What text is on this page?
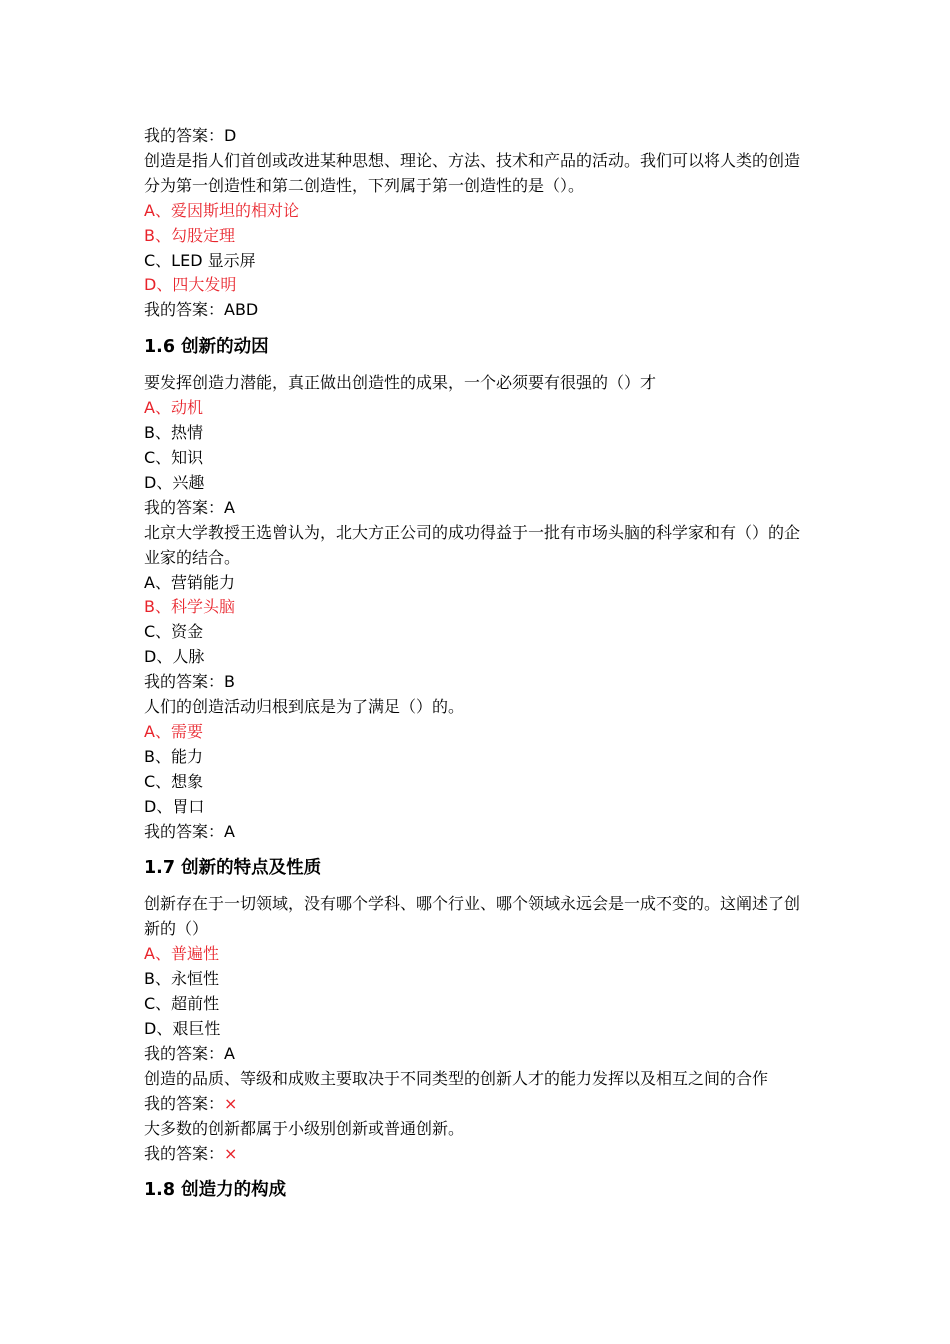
我的答案：D
创造是指人们首创或改进某种思想、理论、方法、技术和产品的活动。我们可以将人类的创造分为第一创造性和第二创造性，下列属于第一创造性的是（）。
A、爱因斯坦的相对论
B、勾股定理
C、LED 显示屏
D、四大发明
我的答案：ABD
1.6 创新的动因
要发挥创造力潜能，真正做出创造性的成果，一个必须要有很强的（）才
A、动机
B、热情
C、知识
D、兴趣
我的答案：A
北京大学教授王选曾认为，北大方正公司的成功得益于一批有市场头脑的科学家和有（）的企业家的结合。
A、营销能力
B、科学头脑
C、资金
D、人脉
我的答案：B
人们的创造活动归根到底是为了满足（）的。
A、需要
B、能力
C、想象
D、胃口
我的答案：A
1.7 创新的特点及性质
创新存在于一切领域，没有哪个学科、哪个行业、哪个领域永远会是一成不变的。这阐述了创新的（）
A、普遍性
B、永恒性
C、超前性
D、艰巨性
我的答案：A
创造的品质、等级和成败主要取决于不同类型的创新人才的能力发挥以及相互之间的合作
我的答案：×
大多数的创新都属于小级别创新或普通创新。
我的答案：×
1.8 创造力的构成
